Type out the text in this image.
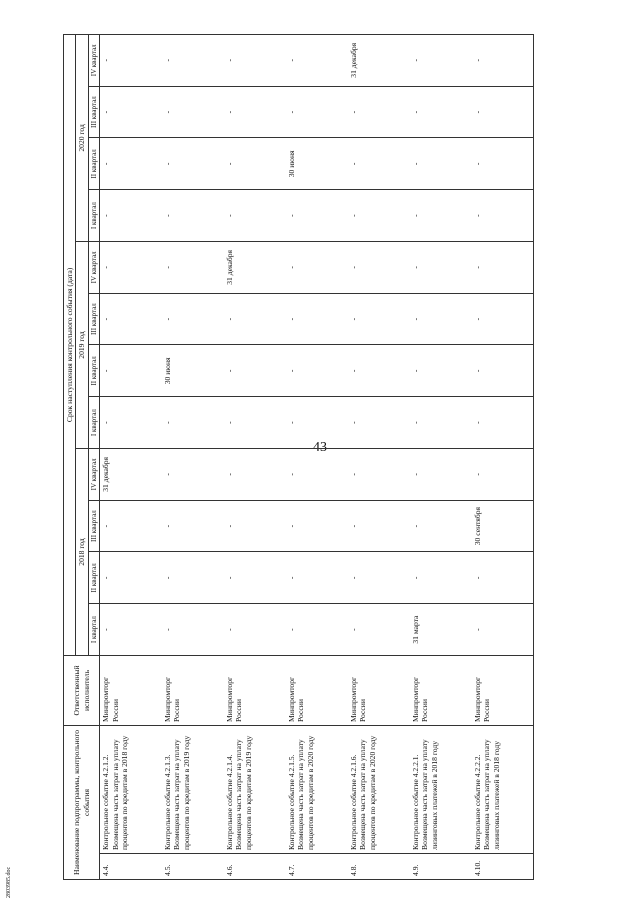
43
Наименование подпрограммы, контрольного события		Ответственный исполнитель	Срок наступления контрольного события (дата)											
			2018 год				2019 год				2020 год			
			I квартал	II квартал	III квартал	IV квартал	I квартал	II квартал	III квартал	IV квартал	I квартал	II квартал	III квартал	IV квартал
4.4.	Контрольное событие 4.2.1.2. Возмещена часть затрат на уплату процентов по кредитам в 2018 году	Минпромторг России	-	-	-	31 декабря	-	-	-	-	-	-	-	-
4.5.	Контрольное событие 4.2.1.3. Возмещена часть затрат на уплату процентов по кредитам в 2019 году	Минпромторг России	-	-	-	-	-	30 июня	-	-	-	-	-	-
4.6.	Контрольное событие 4.2.1.4. Возмещена часть затрат на уплату процентов по кредитам в 2019 году	Минпромторг России	-	-	-	-	-	-	-	31 декабря	-	-	-	-
4.7.	Контрольное событие 4.2.1.5. Возмещена часть затрат на уплату процентов по кредитам в 2020 году	Минпромторг России	-	-	-	-	-	-	-	-	-	30 июня	-	-
4.8.	Контрольное событие 4.2.1.6. Возмещена часть затрат на уплату процентов по кредитам в 2020 году	Минпромторг России	-	-	-	-	-	-	-	-	-	-	-	31 декабря
4.9.	Контрольное событие 4.2.2.1. Возмещена часть затрат на уплату лизинговых платежей в 2018 году	Минпромторг России	31 марта	-	-	-	-	-	-	-	-	-	-	-
4.10.	Контрольное событие 4.2.2.2. Возмещена часть затрат на уплату лизинговых платежей в 2018 году	Минпромторг России	-	-	30 сентября	-	-	-	-	-	-	-	-	-
2803985.doc
